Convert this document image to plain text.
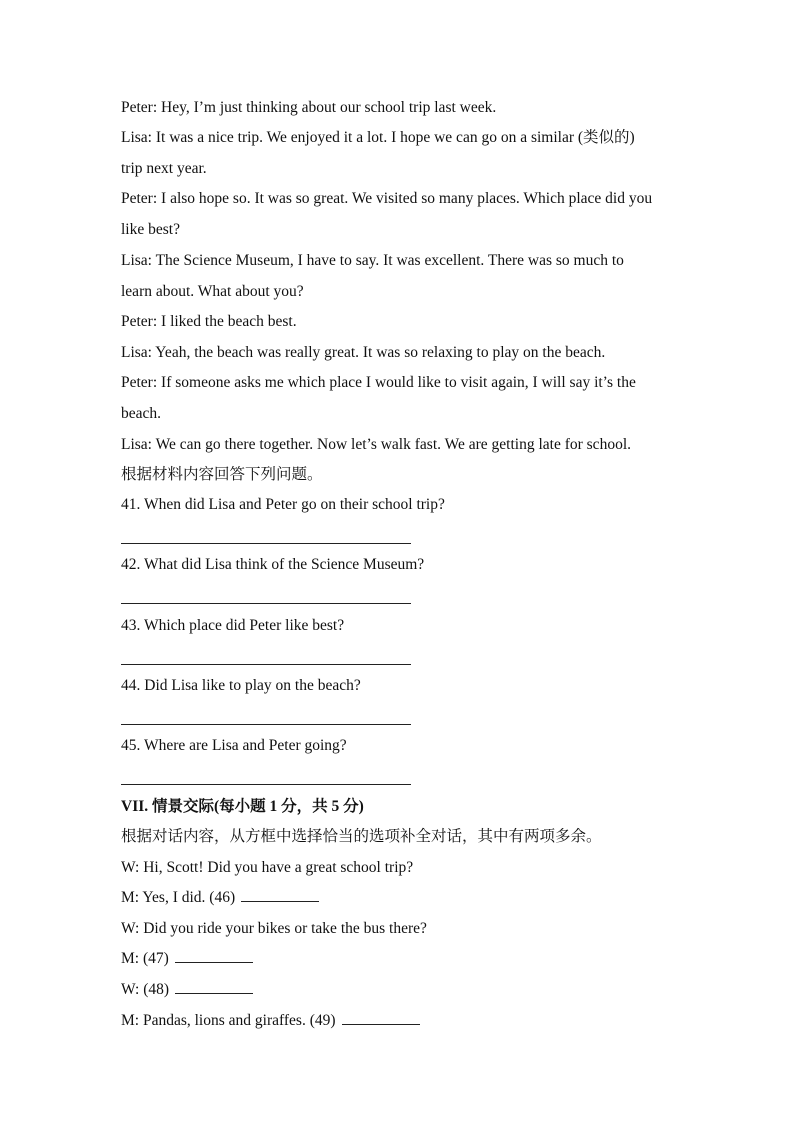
Peter: Hey, I’m just thinking about our school trip last week.
Lisa: It was a nice trip. We enjoyed it a lot. I hope we can go on a similar (类似的)
trip next year.
Peter: I also hope so. It was so great. We visited so many places. Which place did you
like best?
Lisa: The Science Museum, I have to say. It was excellent. There was so much to
learn about. What about you?
Peter: I liked the beach best.
Lisa: Yeah, the beach was really great. It was so relaxing to play on the beach.
Peter: If someone asks me which place I would like to visit again, I will say it’s the
beach.
Lisa: We can go there together. Now let’s walk fast. We are getting late for school.
根据材料内容回答下列问题。
41. When did Lisa and Peter go on their school trip?
42. What did Lisa think of the Science Museum?
43. Which place did Peter like best?
44. Did Lisa like to play on the beach?
45. Where are Lisa and Peter going?
VII. 情景交际(每小题 1 分，共 5 分)
根据对话内容，从方框中选择恰当的选项补全对话，其中有两项多余。
W: Hi, Scott! Did you have a great school trip?
M: Yes, I did. (46)
W: Did you ride your bikes or take the bus there?
M: (47)
W: (48)
M: Pandas, lions and giraffes. (49)
